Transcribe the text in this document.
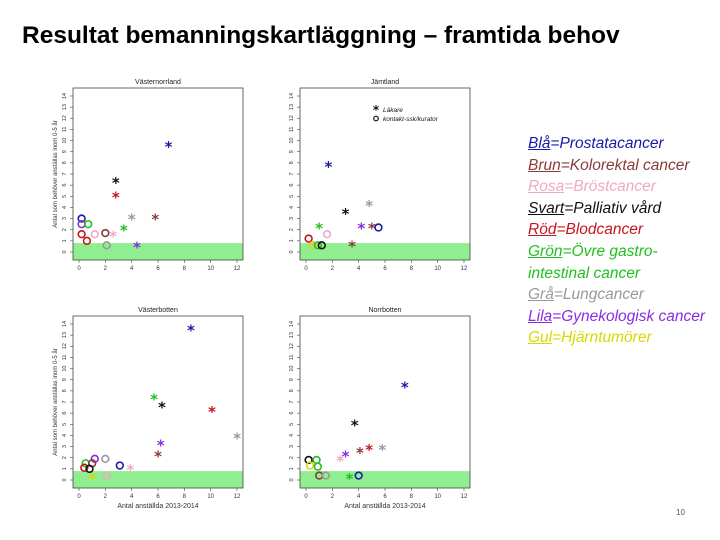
Resultat bemanningskartläggning – framtida behov
Västernorrland
0	2	4	6	8	10	12
0
1
2
3
4
5
6
7
8
9
10
11
12
13
14
Antal som behöver anställas inom 0-5 år	*
*
*
* *
*
*
*
Jämtland
0	2	4	6	8	10	12
0
1
2
3
4
5
6
7
8
9
10
11
12
13
14
* Läkare
kontakt-ssk/kurator
*
*
*
* * *
* *
Västerbotten
0	2	4	6	8	10	12
0
1
2
3
4
5
6
7
8
9
10
11
12
13
14
Antal som behöver anställas inom 0-5 år
Antal anställda 2013-2014
*
* *	*
*
*
*
*
*
Norrbotten
0	2	4	6	8	10	12
0
1
2
3
4
5
6
7
8
9
10
11
12
13
14
Antal anställda 2013-2014
*
*
*
*
*
*
*
*
Blå=Prostatacancer
Brun=Kolorektal cancer
Rosa=Bröstcancer
Svart=Palliativ vård
Röd=Blodcancer
Grön=Övre gastro-intestinal cancer
Grå=Lungcancer
Lila=Gynekologisk cancer
Gul=Hjärntumörer
10
